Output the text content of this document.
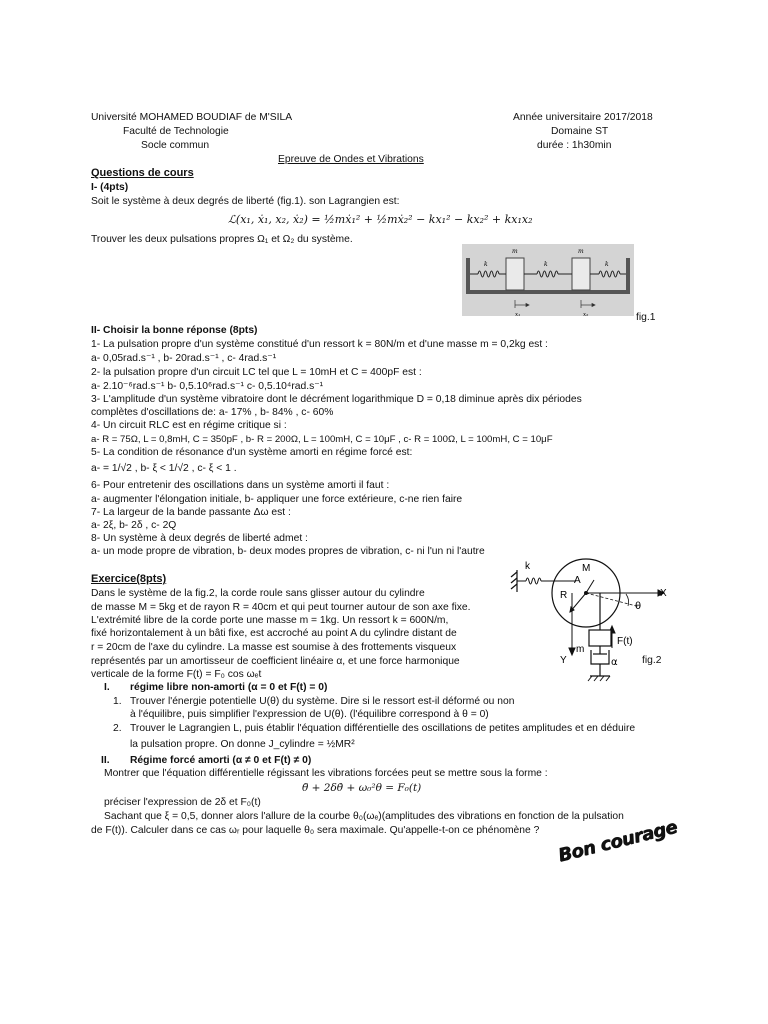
Université MOHAMED BOUDIAF de M'SILA
Faculté de Technologie
Socle commun
Année universitaire 2017/2018
Domaine ST
durée : 1h30min
Epreuve de Ondes et Vibrations
Questions de cours
I- (4pts)
Soit le système à deux degrés de liberté (fig.1). son Lagrangien est:
ℒ(x₁, ẋ₁, x₂, ẋ₂) = ½mẋ₁² + ½mẋ₂² − kx₁² − kx₂² + kx₁x₂
Trouver les deux pulsations propres Ω₁ et Ω₂ du système.
k	k	k
m	m
x₁	x₂	fig.1
II- Choisir la bonne réponse (8pts)
1- La pulsation propre d'un système constitué d'un ressort k = 80N/m et d'une masse m = 0,2kg est :
a- 0,05rad.s⁻¹ , b- 20rad.s⁻¹ , c- 4rad.s⁻¹
2- la pulsation propre d'un circuit LC tel que L = 10mH et C = 400pF est :
a- 2.10⁻⁶rad.s⁻¹ b- 0,5.10⁶rad.s⁻¹ c- 0,5.10⁴rad.s⁻¹
3- L'amplitude d'un système vibratoire dont le décrément logarithmique D = 0,18 diminue après dix périodes
complètes d'oscillations de: a- 17% , b- 84% , c- 60%
4- Un circuit RLC est en régime critique si :
a- R = 75Ω, L = 0,8mH, C = 350pF , b- R = 200Ω, L = 100mH, C = 10μF , c- R = 100Ω, L = 100mH, C = 10μF
5- La condition de résonance d'un système amorti en régime forcé est:
a- = 1/√2 , b- ξ < 1/√2 , c- ξ < 1 .
6- Pour entretenir des oscillations dans un système amorti il faut :
a- augmenter l'élongation initiale, b- appliquer une force extérieure, c-ne rien faire
7- La largeur de la bande passante Δω est :
a- 2ξ, b- 2δ , c- 2Q
8- Un système à deux degrés de liberté admet :
a- un mode propre de vibration, b- deux modes propres de vibration, c- ni l'un ni l'autre
Exercice(8pts)
Dans le système de la fig.2, la corde roule sans glisser autour du cylindre
de masse M = 5kg et de rayon R = 40cm et qui peut tourner autour de son axe fixe.
L'extrémité libre de la corde porte une masse m = 1kg. Un ressort k = 600N/m,
fixé horizontalement à un bâti fixe, est accroché au point A du cylindre distant de
r = 20cm de l'axe du cylindre. La masse est soumise à des frottements visqueux
représentés par un amortisseur de coefficient linéaire α, et une force harmonique
verticale de la forme F(t) = F₀ cos ωₑt
I. régime libre non-amorti (α = 0 et F(t) = 0)
1. Trouver l'énergie potentielle U(θ) du système. Dire si le ressort est-il déformé ou non
à l'équilibre, puis simplifier l'expression de U(θ). (l'équilibre correspond à θ = 0)
2. Trouver le Lagrangien L, puis établir l'équation différentielle des oscillations de petites amplitudes et en déduire
la pulsation propre. On donne J_cylindre = ½MR²
II. Régime forcé amorti (α ≠ 0 et F(t) ≠ 0)
Montrer que l'équation différentielle régissant les vibrations forcées peut se mettre sous la forme :
θ̈ + 2δθ̇ + ω₀²θ = F₀(t)
préciser l'expression de 2δ et F₀(t)
Sachant que ξ = 0,5, donner alors l'allure de la courbe θ₀(ωₑ)(amplitudes des vibrations en fonction de la pulsation
de F(t)). Calculer dans ce cas ωᵣ pour laquelle θ₀ sera maximale. Qu'appelle-t-on ce phénomène ?
k	M
A
R	X
θ
Y
F(t)
m
α fig.2
Bon courage
